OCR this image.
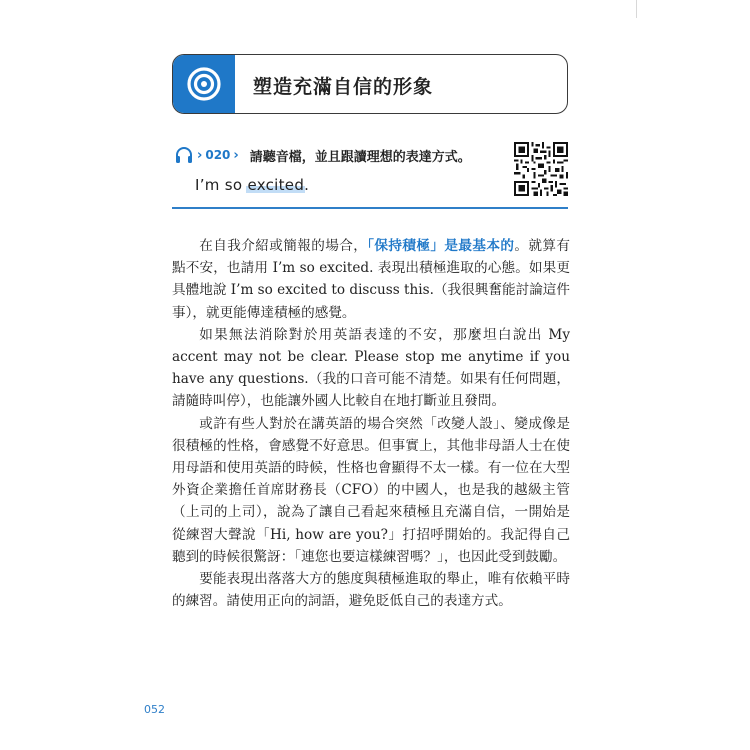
塑造充滿自信的形象
› 020 › 請聽音檔，並且跟讀理想的表達方式。
I’m so excited.

在自我介紹或簡報的場合，「保持積極」是最基本的。就算有點不安，也請用 I’m so excited. 表現出積極進取的心態。如果更具體地說 I’m so excited to discuss this.（我很興奮能討論這件事），就更能傳達積極的感覺。

如果無法消除對於用英語表達的不安，那麼坦白說出 My accent may not be clear. Please stop me anytime if you have any questions.（我的口音可能不清楚。如果有任何問題，請隨時叫停），也能讓外國人比較自在地打斷並且發問。

或許有些人對於在講英語的場合突然「改變人設」、變成像是很積極的性格，會感覺不好意思。但事實上，其他非母語人士在使用母語和使用英語的時候，性格也會顯得不太一樣。有一位在大型外資企業擔任首席財務長（CFO）的中國人，也是我的越級主管（上司的上司），說為了讓自己看起來積極且充滿自信，一開始是從練習大聲說「Hi, how are you?」打招呼開始的。我記得自己聽到的時候很驚訝：「連您也要這樣練習嗎？」，也因此受到鼓勵。

要能表現出落落大方的態度與積極進取的舉止，唯有依賴平時的練習。請使用正向的詞語，避免貶低自己的表達方式。

052
